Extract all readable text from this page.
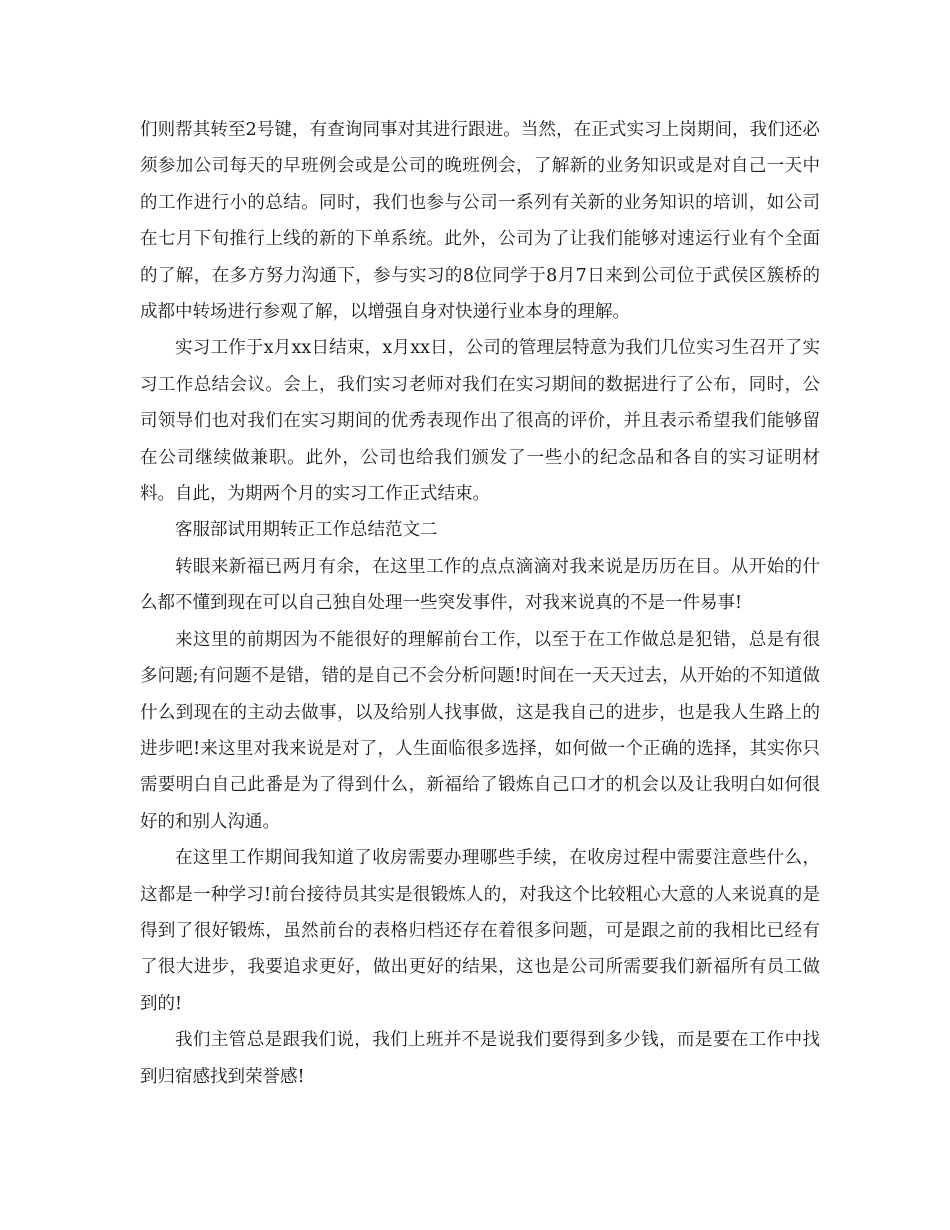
们则帮其转至2号键，有查询同事对其进行跟进。当然，在正式实习上岗期间，我们还必须参加公司每天的早班例会或是公司的晚班例会，了解新的业务知识或是对自己一天中的工作进行小的总结。同时，我们也参与公司一系列有关新的业务知识的培训，如公司在七月下旬推行上线的新的下单系统。此外，公司为了让我们能够对速运行业有个全面的了解，在多方努力沟通下，参与实习的8位同学于8月7日来到公司位于武侯区簇桥的成都中转场进行参观了解，以增强自身对快递行业本身的理解。

实习工作于x月xx日结束，x月xx日，公司的管理层特意为我们几位实习生召开了实习工作总结会议。会上，我们实习老师对我们在实习期间的数据进行了公布，同时，公司领导们也对我们在实习期间的优秀表现作出了很高的评价，并且表示希望我们能够留在公司继续做兼职。此外，公司也给我们颁发了一些小的纪念品和各自的实习证明材料。自此，为期两个月的实习工作正式结束。

客服部试用期转正工作总结范文二

转眼来新福已两月有余，在这里工作的点点滴滴对我来说是历历在目。从开始的什么都不懂到现在可以自己独自处理一些突发事件，对我来说真的不是一件易事!

来这里的前期因为不能很好的理解前台工作，以至于在工作做总是犯错，总是有很多问题;有问题不是错，错的是自己不会分析问题!时间在一天天过去，从开始的不知道做什么到现在的主动去做事，以及给别人找事做，这是我自己的进步，也是我人生路上的进步吧!来这里对我来说是对了，人生面临很多选择，如何做一个正确的选择，其实你只需要明白自己此番是为了得到什么，新福给了锻炼自己口才的机会以及让我明白如何很好的和别人沟通。

在这里工作期间我知道了收房需要办理哪些手续，在收房过程中需要注意些什么，这都是一种学习!前台接待员其实是很锻炼人的，对我这个比较粗心大意的人来说真的是得到了很好锻炼，虽然前台的表格归档还存在着很多问题，可是跟之前的我相比已经有了很大进步，我要追求更好，做出更好的结果，这也是公司所需要我们新福所有员工做到的!

我们主管总是跟我们说，我们上班并不是说我们要得到多少钱，而是要在工作中找到归宿感找到荣誉感!
